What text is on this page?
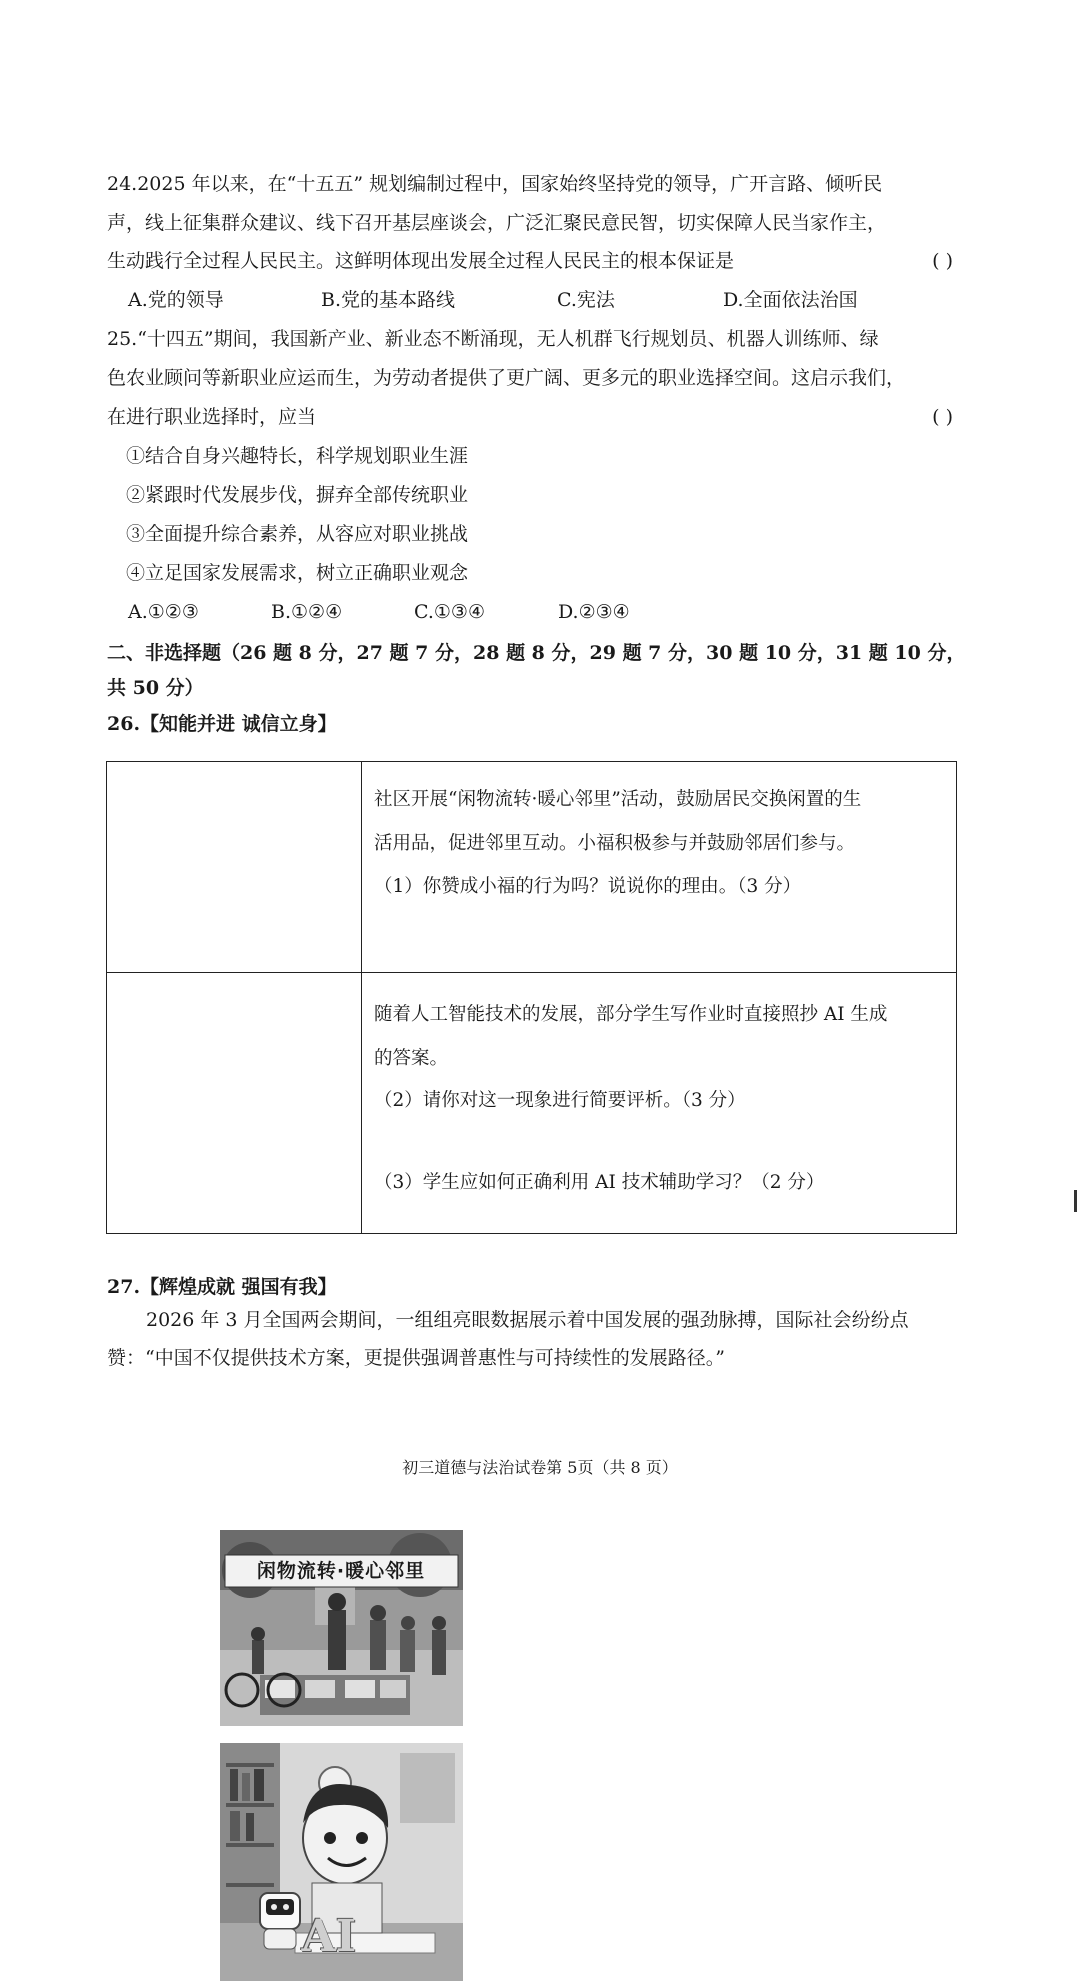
24.2025 年以来，在“十五五” 规划编制过程中，国家始终坚持党的领导，广开言路、倾听民
声，线上征集群众建议、线下召开基层座谈会，广泛汇聚民意民智，切实保障人民当家作主，
生动践行全过程人民民主。这鲜明体现出发展全过程人民民主的根本保证是	( )
A.党的领导	B.党的基本路线	C.宪法	D.全面依法治国
25.“十四五”期间，我国新产业、新业态不断涌现，无人机群飞行规划员、机器人训练师、绿
色农业顾问等新职业应运而生，为劳动者提供了更广阔、更多元的职业选择空间。这启示我们，
在进行职业选择时，应当	( )
①结合自身兴趣特长，科学规划职业生涯
②紧跟时代发展步伐，摒弃全部传统职业
③全面提升综合素养，从容应对职业挑战
④立足国家发展需求，树立正确职业观念
A.①②③	B.①②④	C.①③④	D.②③④
二、非选择题（26 题 8 分，27 题 7 分，28 题 8 分，29 题 7 分，30 题 10 分，31 题 10 分，
共 50 分）
26.【知能并进 诚信立身】
闲物流转·暖心邻里	社区开展“闲物流转·暖心邻里”活动，鼓励居民交换闲置的生
活用品，促进邻里互动。小福积极参与并鼓励邻居们参与。
（1）你赞成小福的行为吗？说说你的理由。（3 分）

AI	随着人工智能技术的发展，部分学生写作业时直接照抄 AI 生成
的答案。
（2）请你对这一现象进行简要评析。（3 分）
（3）学生应如何正确利用 AI 技术辅助学习？（2 分）
27.【辉煌成就 强国有我】
2026 年 3 月全国两会期间，一组组亮眼数据展示着中国发展的强劲脉搏，国际社会纷纷点
赞：“中国不仅提供技术方案，更提供强调普惠性与可持续性的发展路径。”
初三道德与法治试卷第 5页（共 8 页）
